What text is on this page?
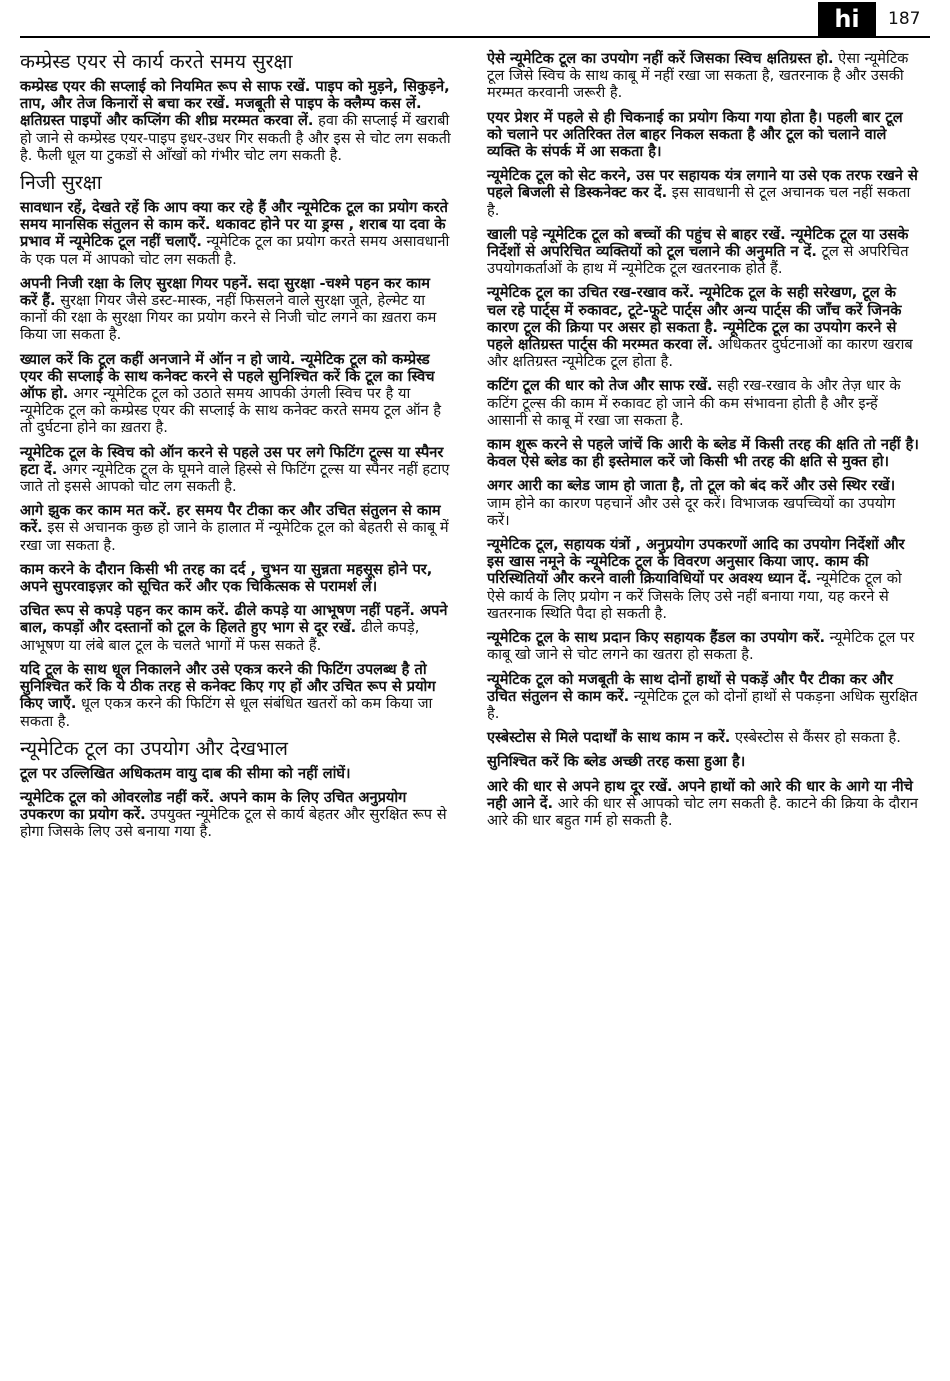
hi	187
कम्प्रेस्ड एयर से कार्य करते समय सुरक्षा
कम्प्रेस्ड एयर की सप्लाई को नियमित रूप से साफ रखें. पाइप को मुड़ने, सिकुड़ने, ताप, और तेज किनारों से बचा कर रखें. मजबूती से पाइप के क्लैम्प कस लें. क्षतिग्रस्त पाइपों और कप्लिंग की शीघ्र मरम्मत करवा लें. हवा की सप्लाई में खराबी हो जाने से कम्प्रेस्ड एयर-पाइप इधर-उधर गिर सकती है और इस से चोट लग सकती है. फैली धूल या टुकडों से आँखों को गंभीर चोट लग सकती है.
निजी सुरक्षा
सावधान रहें, देखते रहें कि आप क्या कर रहे हैं और न्यूमेटिक टूल का प्रयोग करते समय मानसिक संतुलन से काम करें. थकावट होने पर या ड्रग्स , शराब या दवा के प्रभाव में न्यूमेटिक टूल नहीं चलाएँ. न्यूमेटिक टूल का प्रयोग करते समय असावधानी के एक पल में आपको चोट लग सकती है.
अपनी निजी रक्षा के लिए सुरक्षा गियर पहनें. सदा सुरक्षा -चश्मे पहन कर काम करें हैं. सुरक्षा गियर जैसे डस्ट-मास्क, नहीं फिसलने वाले सुरक्षा जूते, हेल्मेट या कानों की रक्षा के सुरक्षा गियर का प्रयोग करने से निजी चोट लगने का ख़तरा कम किया जा सकता है.
ख्याल करें कि टूल कहीं अनजाने में ऑन न हो जाये. न्यूमेटिक टूल को कम्प्रेस्ड एयर की सप्लाई के साथ कनेक्ट करने से पहले सुनिश्चित करें कि टूल का स्विच ऑफ हो. अगर न्यूमेटिक टूल को उठाते समय आपकी उंगली स्विच पर है या न्यूमेटिक टूल को कम्प्रेस्ड एयर की सप्लाई के साथ कनेक्ट करते समय टूल ऑन है तो दुर्घटना होने का ख़तरा है.
न्यूमेटिक टूल के स्विच को ऑन करने से पहले उस पर लगे फिटिंग टूल्स या स्पैनर हटा दें. अगर न्यूमेटिक टूल के घूमने वाले हिस्से से फिटिंग टूल्स या स्पैनर नहीं हटाए जाते तो इससे आपको चोट लग सकती है.
आगे झुक कर काम मत करें. हर समय पैर टीका कर और उचित संतुलन से काम करें. इस से अचानक कुछ हो जाने के हालात में न्यूमेटिक टूल को बेहतरी से काबू में रखा जा सकता है.
काम करने के दौरान किसी भी तरह का दर्द , चुभन या सुन्नता महसूस होने पर, अपने सुपरवाइज़र को सूचित करें और एक चिकित्सक से परामर्श लें।
उचित रूप से कपड़े पहन कर काम करें. ढीले कपड़े या आभूषण नहीं पहनें. अपने बाल, कपड़ों और दस्तानों को टूल के हिलते हुए भाग से दूर रखें. ढीले कपड़े, आभूषण या लंबे बाल टूल के चलते भागों में फस सकते हैं.
यदि टूल के साथ धूल निकालने और उसे एकत्र करने की फिटिंग उपलब्ध है तो सुनिश्चित करें कि ये ठीक तरह से कनेक्ट किए गए हों और उचित रूप से प्रयोग किए जाएँ. धूल एकत्र करने की फिटिंग से धूल संबंधित खतरों को कम किया जा सकता है.
न्यूमेटिक टूल का उपयोग और देखभाल
टूल पर उल्लिखित अधिकतम वायु दाब की सीमा को नहीं लांघें।
न्यूमेटिक टूल को ओवरलोड नहीं करें. अपने काम के लिए उचित अनुप्रयोग उपकरण का प्रयोग करें. उपयुक्त न्यूमेटिक टूल से कार्य बेहतर और सुरक्षित रूप से होगा जिसके लिए उसे बनाया गया है.
ऐसे न्यूमेटिक टूल का उपयोग नहीं करें जिसका स्विच क्षतिग्रस्त हो. ऐसा न्यूमेटिक टूल जिसे स्विच के साथ काबू में नहीं रखा जा सकता है, खतरनाक है और उसकी मरम्मत करवानी जरूरी है.
एयर प्रेशर में पहले से ही चिकनाई का प्रयोग किया गया होता है। पहली बार टूल को चलाने पर अतिरिक्त तेल बाहर निकल सकता है और टूल को चलाने वाले व्यक्ति के संपर्क में आ सकता है।
न्यूमेटिक टूल को सेट करने, उस पर सहायक यंत्र लगाने या उसे एक तरफ रखने से पहले बिजली से डिस्कनेक्ट कर दें. इस सावधानी से टूल अचानक चल नहीं सकता है.
खाली पड़े न्यूमेटिक टूल को बच्चों की पहुंच से बाहर रखें. न्यूमेटिक टूल या उसके निर्देशों से अपरिचित व्यक्तियों को टूल चलाने की अनुमति न दें. टूल से अपरिचित उपयोगकर्ताओं के हाथ में न्यूमेटिक टूल खतरनाक होते हैं.
न्यूमेटिक टूल का उचित रख-रखाव करें. न्यूमेटिक टूल के सही सरेखण, टूल के चल रहे पार्ट्स में रुकावट, टूटे-फूटे पार्ट्स और अन्य पार्ट्स की जाँच करें जिनके कारण टूल की क्रिया पर असर हो सकता है. न्यूमेटिक टूल का उपयोग करने से पहले क्षतिग्रस्त पार्ट्स की मरम्मत करवा लें. अधिकतर दुर्घटनाओं का कारण खराब और क्षतिग्रस्त न्यूमेटिक टूल होता है.
कटिंग टूल की धार को तेज और साफ रखें. सही रख-रखाव के और तेज़ धार के कटिंग टूल्स की काम में रुकावट हो जाने की कम संभावना होती है और इन्हें आसानी से काबू में रखा जा सकता है.
काम शुरू करने से पहले जांचें कि आरी के ब्लेड में किसी तरह की क्षति तो नहीं है। केवल ऐसे ब्लेड का ही इस्तेमाल करें जो किसी भी तरह की क्षति से मुक्त हो।
अगर आरी का ब्लेड जाम हो जाता है, तो टूल को बंद करें और उसे स्थिर रखें। जाम होने का कारण पहचानें और उसे दूर करें। विभाजक खपच्चियों का उपयोग करें।
न्यूमेटिक टूल, सहायक यंत्रों , अनुप्रयोग उपकरणों आदि का उपयोग निर्देशों और इस खास नमूने के न्यूमेटिक टूल के विवरण अनुसार किया जाए. काम की परिस्थितियों और करने वाली क्रियाविधियों पर अवश्य ध्यान दें. न्यूमेटिक टूल को ऐसे कार्य के लिए प्रयोग न करें जिसके लिए उसे नहीं बनाया गया, यह करने से खतरनाक स्थिति पैदा हो सकती है.
न्यूमेटिक टूल के साथ प्रदान किए सहायक हैंडल का उपयोग करें. न्यूमेटिक टूल पर काबू खो जाने से चोट लगने का खतरा हो सकता है.
न्यूमेटिक टूल को मजबूती के साथ दोनों हाथों से पकड़ें और पैर टीका कर और उचित संतुलन से काम करें. न्यूमेटिक टूल को दोनों हाथों से पकड़ना अधिक सुरक्षित है.
एस्बेस्टोस से मिले पदार्थों के साथ काम न करें. एस्बेस्टोस से कैंसर हो सकता है.
सुनिश्चित करें कि ब्लेड अच्छी तरह कसा हुआ है।
आरे की धार से अपने हाथ दूर रखें. अपने हाथों को आरे की धार के आगे या नीचे नही आने दें. आरे की धार से आपको चोट लग सकती है. काटने की क्रिया के दौरान आरे की धार बहुत गर्म हो सकती है.
